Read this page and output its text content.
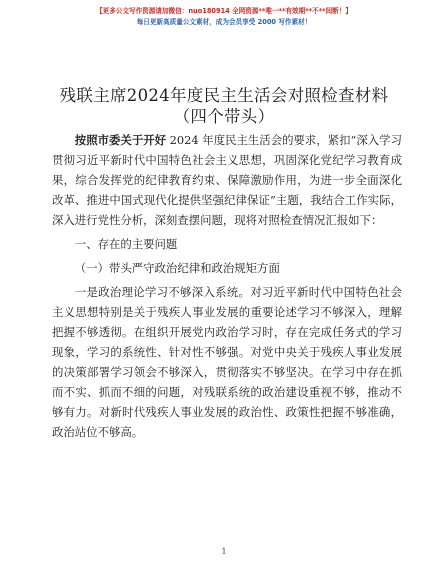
【更多公文写作资源请加微信：nuo180914 全网资源**唯一**有效期**不**间断！】
每日更新高质量公文素材，成为会员享受 2000 写作素材！
残联主席2024年度民主生活会对照检查材料
（四个带头）

按照市委关于开好 2024 年度民主生活会的要求，紧扣“深入学习贯彻习近平新时代中国特色社会主义思想，巩固深化党纪学习教育成果，综合发挥党的纪律教育约束、保障激励作用，为进一步全面深化改革、推进中国式现代化提供坚强纪律保证”主题，我结合工作实际，深入进行党性分析，深刻查摆问题，现将对照检查情况汇报如下：

一、存在的主要问题

（一）带头严守政治纪律和政治规矩方面

一是政治理论学习不够深入系统。对习近平新时代中国特色社会主义思想特别是关于残疾人事业发展的重要论述学习不够深入，理解把握不够透彻。在组织开展党内政治学习时，存在完成任务式的学习现象，学习的系统性、针对性不够强。对党中央关于残疾人事业发展的决策部署学习领会不够深入，贯彻落实不够坚决。在学习中存在抓而不实、抓而不细的问题，对残联系统的政治建设重视不够，推动不够有力。对新时代残疾人事业发展的政治性、政策性把握不够准确，政治站位不够高。

1
